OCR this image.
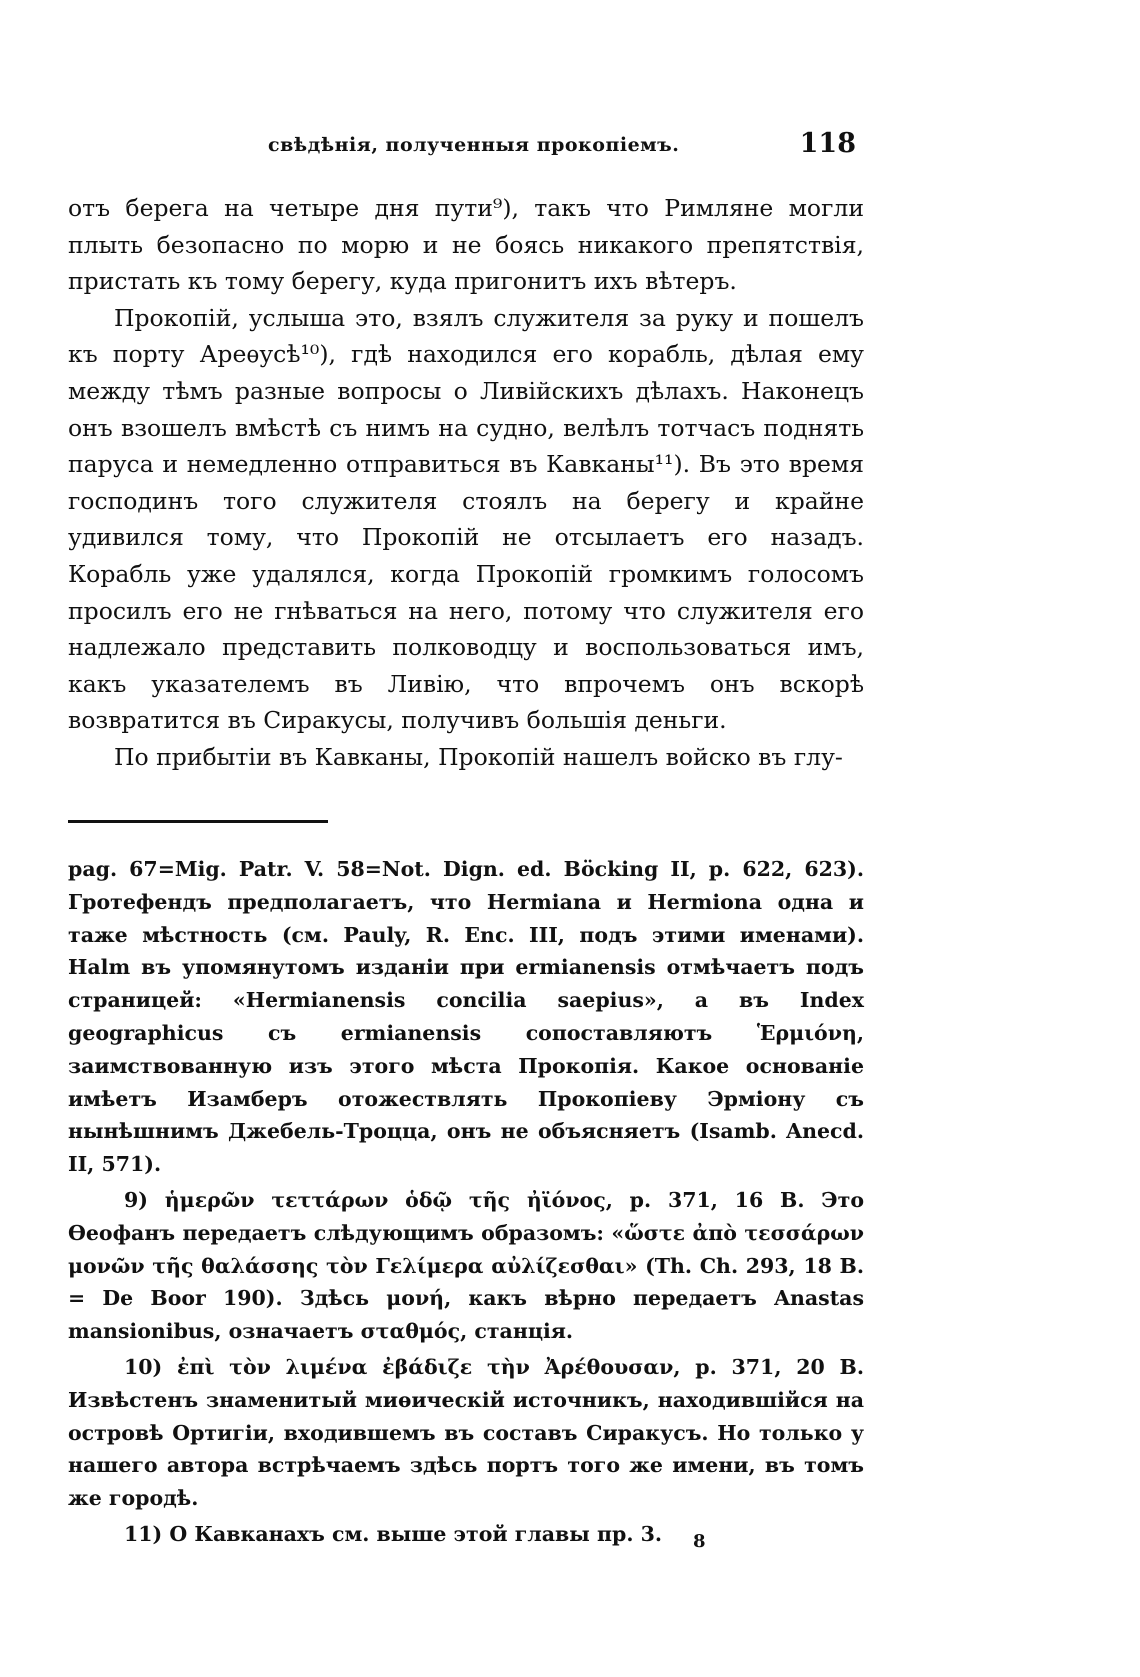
свѣдѣнія, полученныя прокопіемъ.	118

отъ берега на четыре дня пути⁹), такъ что Римляне могли плыть безопасно по морю и не боясь никакого препятствія, пристать къ тому берегу, куда пригонитъ ихъ вѣтеръ.

Прокопій, услыша это, взялъ служителя за руку и пошелъ къ порту Ареѳусѣ¹⁰), гдѣ находился его корабль, дѣлая ему между тѣмъ разные вопросы о Ливійскихъ дѣлахъ. Наконецъ онъ взошелъ вмѣстѣ съ нимъ на судно, велѣлъ тотчасъ поднять паруса и немедленно отправиться въ Кавканы¹¹). Въ это время господинъ того служителя стоялъ на берегу и крайне удивился тому, что Прокопій не отсылаетъ его назадъ. Корабль уже удалялся, когда Прокопій громкимъ голосомъ просилъ его не гнѣваться на него, потому что служителя его надлежало представить полководцу и воспользоваться имъ, какъ указателемъ въ Ливію, что впрочемъ онъ вскорѣ возвратится въ Сиракусы, получивъ большія деньги.

По прибытіи въ Кавканы, Прокопій нашелъ войско въ глу-

pag. 67=Mig. Patr. V. 58=Not. Dign. ed. Böcking II, p. 622, 623). Гротефендъ предполагаетъ, что Hermiana и Hermiona одна и таже мѣстность (см. Pauly, R. Enc. III, подъ этими именами). Halm въ упомянутомъ изданіи при ermianensis отмѣчаетъ подъ страницей: «Hermianensis concilia saepius», а въ Index geographicus съ ermianensis сопоставляютъ Ἑρμιόνη, заимствованную изъ этого мѣста Прокопія. Какое основаніе имѣетъ Изамберъ отожествлять Прокопіеву Эрміону съ нынѣшнимъ Джебель-Троцца, онъ не объясняетъ (Isamb. Anecd. II, 571).

9) ἡμερῶν τεττάρων ὁδῷ τῆς ἠϊόνος, p. 371, 16 B. Это Ѳеофанъ передаетъ слѣдующимъ образомъ: «ὥστε ἀπὸ τεσσάρων μονῶν τῆς θαλάσσης τὸν Γελίμερα αὐλίζεσθαι» (Th. Ch. 293, 18 B. = De Boor 190). Здѣсь μονή, какъ вѣрно передаетъ Anastas mansionibus, означаетъ σταθμός, станція.

10) ἐπὶ τὸν λιμένα ἐβάδιζε τὴν Ἀρέθουσαν, p. 371, 20 B. Извѣстенъ знаменитый миѳическій источникъ, находившійся на островѣ Ортигіи, входившемъ въ составъ Сиракусъ. Но только у нашего автора встрѣчаемъ здѣсь портъ того же имени, въ томъ же городѣ.

11) О Кавканахъ см. выше этой главы пр. 3.	8
